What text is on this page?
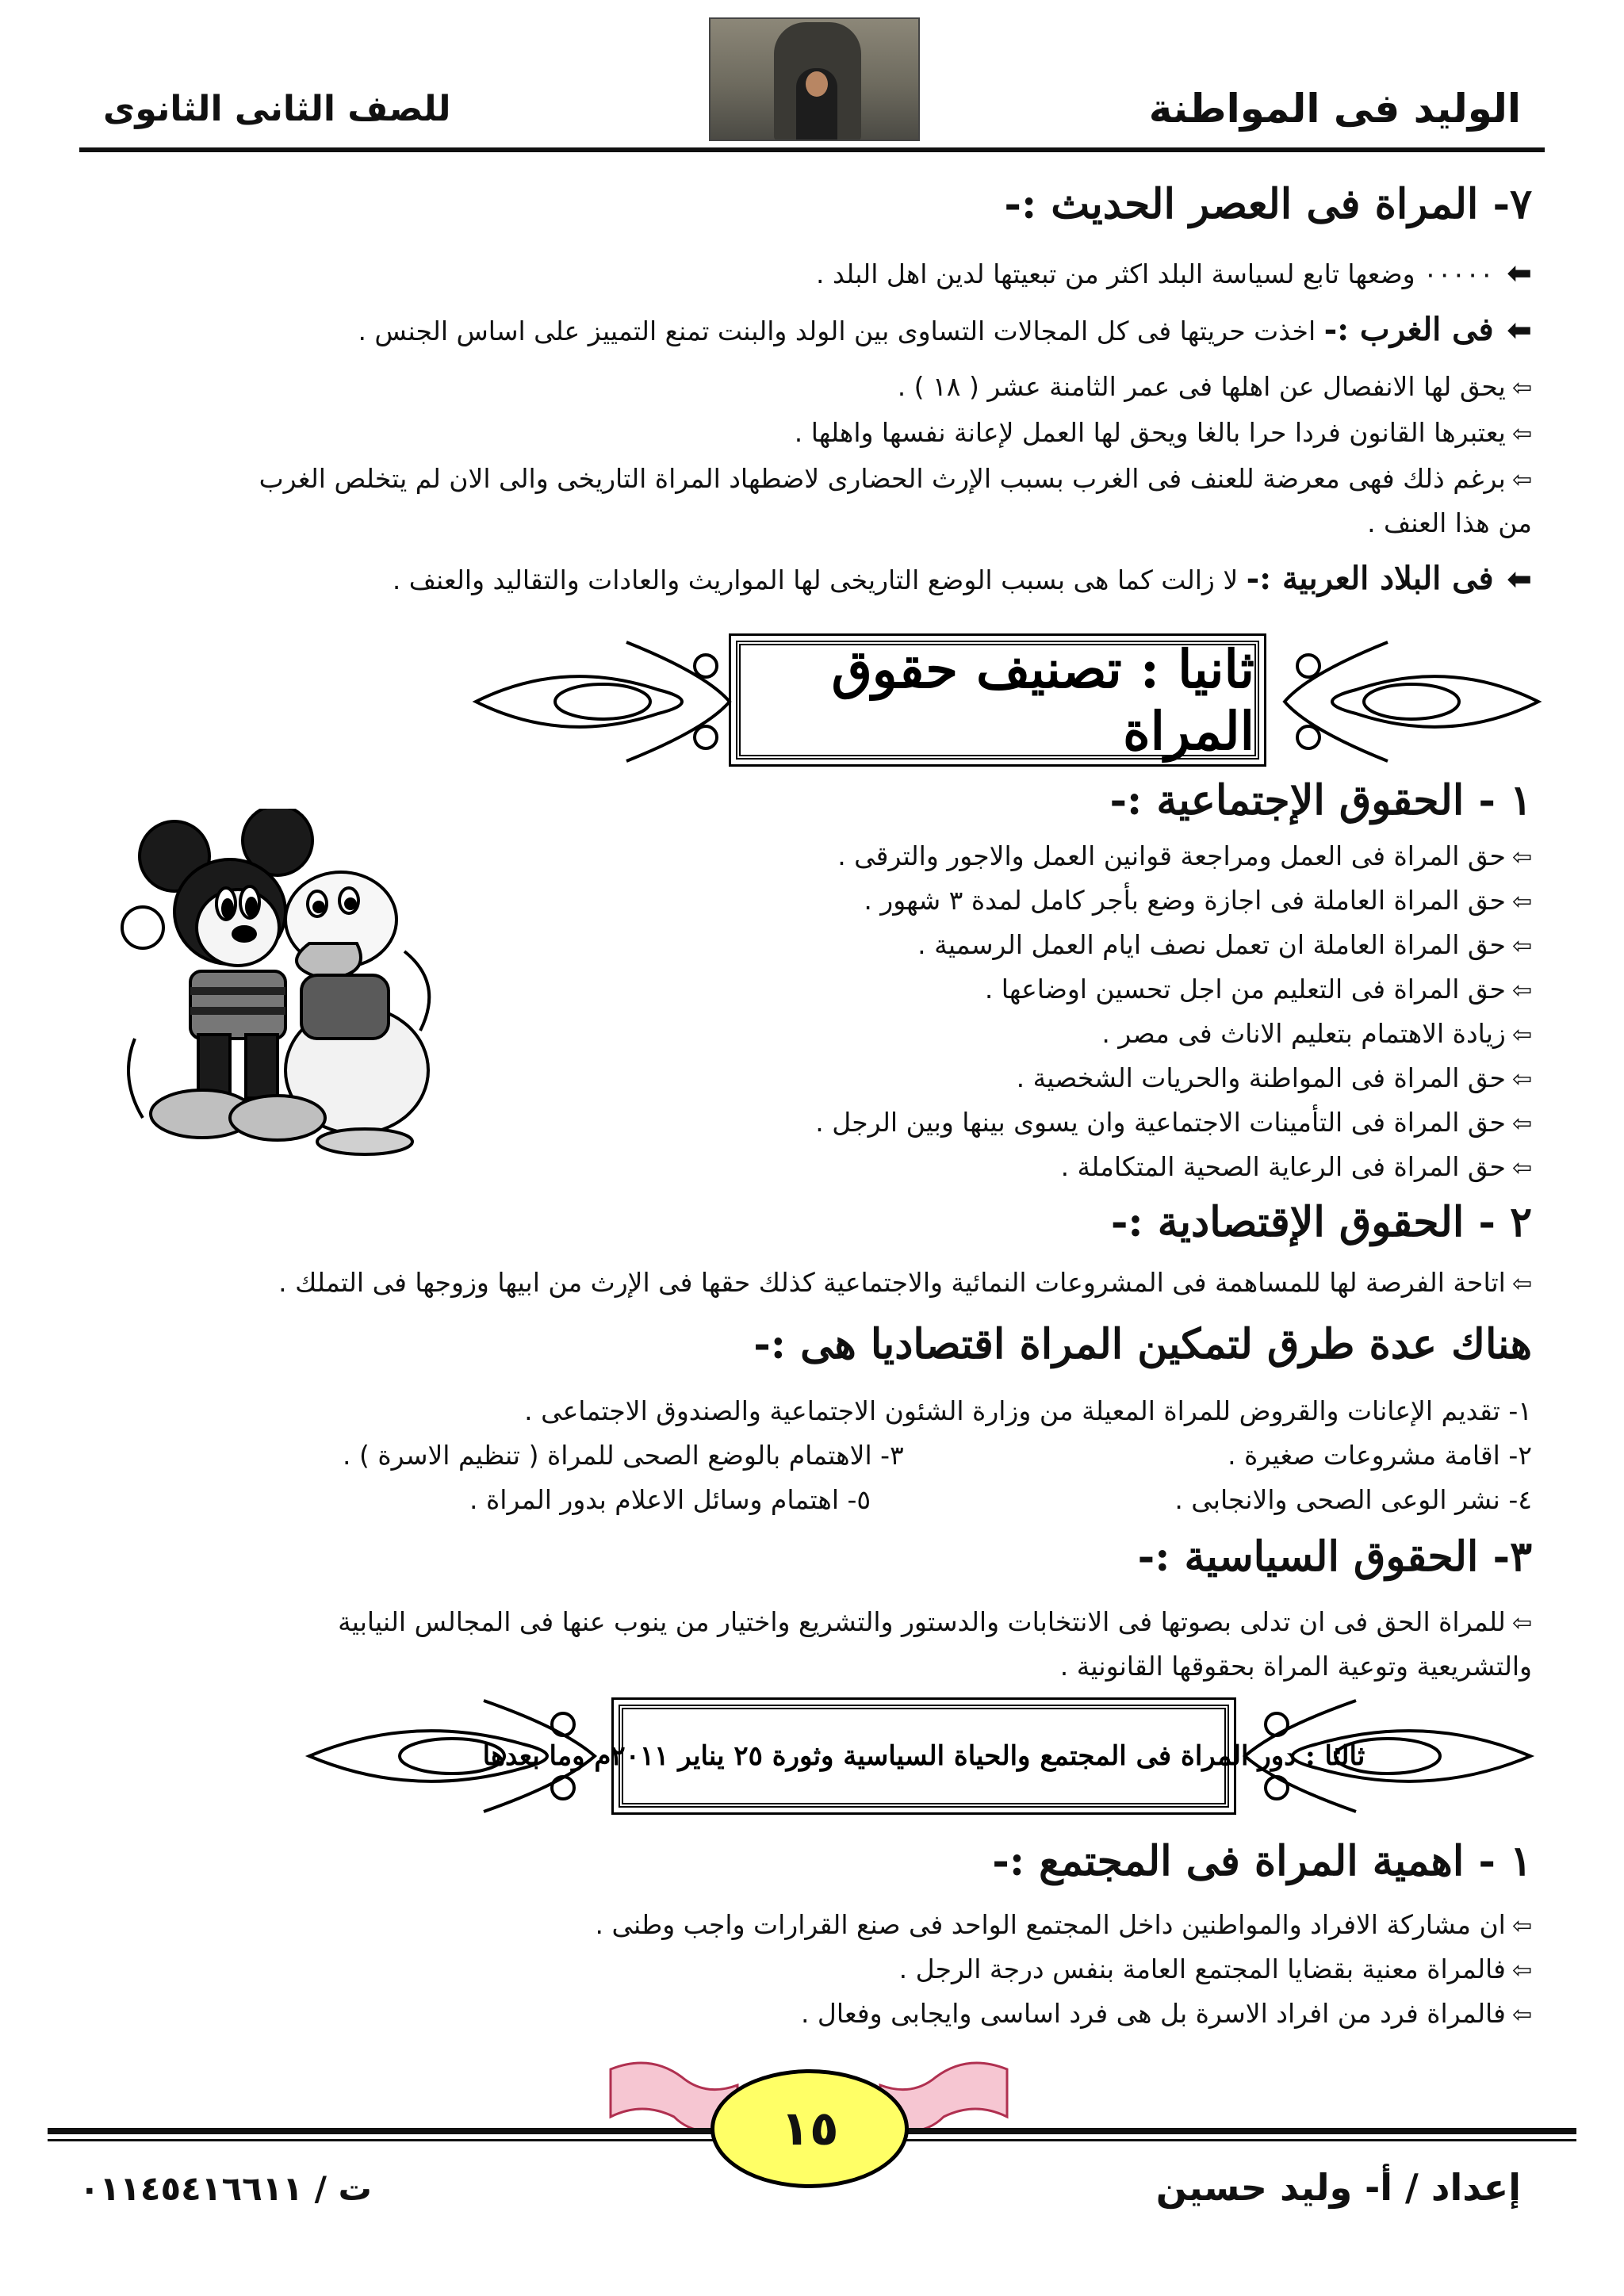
الوليد فى المواطنة
للصف الثانى الثانوى
٧- المراة فى العصر الحديث :-
⬅ ٠٠٠٠٠ وضعها تابع لسياسة البلد اكثر من تبعيتها لدين اهل البلد .
⬅ فى الغرب :- اخذت حريتها فى كل المجالات التساوى بين الولد والبنت تمنع التمييز على اساس الجنس .
⇦يحق لها الانفصال عن اهلها فى عمر الثامنة عشر ( ١٨ ) .
⇦يعتبرها القانون فردا حرا بالغا ويحق لها العمل لإعانة نفسها واهلها .
⇦برغم ذلك فهى معرضة للعنف فى الغرب بسبب الإرث الحضارى لاضطهاد المراة التاريخى والى الان لم يتخلص الغرب
من هذا العنف .
⬅ فى البلاد العربية :- لا زالت كما هى بسبب الوضع التاريخى لها المواريث والعادات والتقاليد والعنف .
ثانيا : تصنيف حقوق المراة
١ - الحقوق الإجتماعية :-
⇦حق المراة فى العمل ومراجعة قوانين العمل والاجور والترقى .
⇦حق المراة العاملة فى اجازة وضع بأجر كامل لمدة ٣ شهور .
⇦حق المراة العاملة ان تعمل نصف ايام العمل الرسمية .
⇦حق المراة فى التعليم من اجل تحسين اوضاعها .
⇦زيادة الاهتمام بتعليم الاناث فى مصر .
⇦حق المراة فى المواطنة والحريات الشخصية .
⇦حق المراة فى التأمينات الاجتماعية وان يسوى بينها وبين الرجل .
⇦حق المراة فى الرعاية الصحية المتكاملة .
٢ - الحقوق الإقتصادية :-
⇦اتاحة الفرصة لها للمساهمة فى المشروعات النمائية والاجتماعية كذلك حقها فى الإرث من ابيها وزوجها فى التملك .
هناك عدة طرق لتمكين المراة اقتصاديا هى :-
١- تقديم الإعانات والقروض للمراة المعيلة من وزارة الشئون الاجتماعية والصندوق الاجتماعى .
٢- اقامة مشروعات صغيرة .
٣- الاهتمام بالوضع الصحى للمراة ( تنظيم الاسرة ) .
٤- نشر الوعى الصحى والانجابى .
٥- اهتمام وسائل الاعلام بدور المراة .
٣- الحقوق السياسية :-
⇦للمراة الحق فى ان تدلى بصوتها فى الانتخابات والدستور والتشريع واختيار من ينوب عنها فى المجالس النيابية
والتشريعية وتوعية المراة بحقوقها القانونية .
ثالثا : دور المراة فى المجتمع والحياة السياسية وثورة ٢٥ يناير ٢٠١١م وما بعدها
١ - اهمية المراة فى المجتمع :-
⇦ان مشاركة الافراد والمواطنين داخل المجتمع الواحد فى صنع القرارات واجب وطنى .
⇦فالمراة معنية بقضايا المجتمع العامة بنفس درجة الرجل .
⇦فالمراة فرد من افراد الاسرة بل هى فرد اساسى وايجابى وفعال .
١٥
إعداد / أ- وليد حسين
ت / ٠١١٤٥٤١٦٦١١
